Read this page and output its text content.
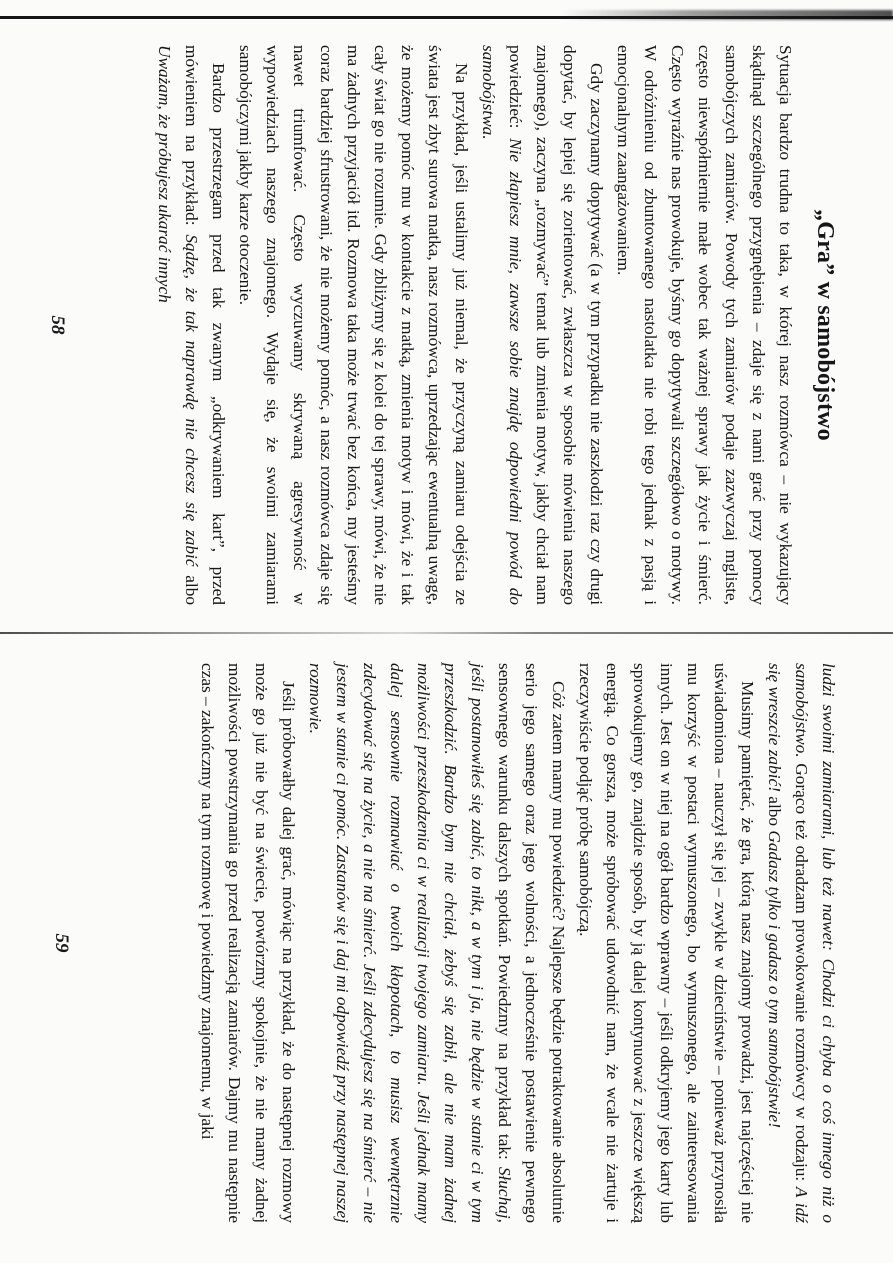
„Gra” w samobójstwo

Sytuacja bardzo trudna to taka, w której nasz rozmówca – nie wykazujący skądinąd szczególnego przygnębienia – zdaje się z nami grać przy pomocy samobójczych zamiarów. Powody tych zamiarów podaje zazwyczaj mgliste, często niewspółmiernie małe wobec tak ważnej sprawy jak życie i śmierć. Często wyraźnie nas prowokuje, byśmy go dopytywali szczegółowo o motywy. W odróżnieniu od zbuntowanego nastolatka nie robi tego jednak z pasją i emocjonalnym zaangażowaniem.

Gdy zaczynamy dopytywać (a w tym przypadku nie zaszkodzi raz czy drugi dopytać, by lepiej się zorientować, zwłaszcza w sposobie mówienia naszego znajomego), zaczyna „rozmywać” temat lub zmienia motyw, jakby chciał nam powiedzieć: Nie złapiesz mnie, zawsze sobie znajdę odpowiedni powód do samobójstwa.

Na przykład, jeśli ustalimy już niemal, że przyczyną zamiaru odejścia ze świata jest zbyt surowa matka, nasz rozmówca, uprzedzając ewentualną uwagę, że możemy pomóc mu w kontakcie z matką, zmienia motyw i mówi, że i tak cały świat go nie rozumie. Gdy zbliżymy się z kolei do tej sprawy, mówi, że nie ma żadnych przyjaciół itd. Rozmowa taka może trwać bez końca, my jesteśmy coraz bardziej sfrustrowani, że nie możemy pomóc, a nasz rozmówca zdaje się nawet triumfować. Często wyczuwamy skrywaną agresywność w wypowiedziach naszego znajomego. Wydaje się, że swoimi zamiarami samobójczymi jakby karze otoczenie.

Bardzo przestrzegam przed tak zwanym „odkrywaniem kart”, przed mówieniem na przykład: Sądzę, że tak naprawdę nie chcesz się zabić albo Uważam, że próbujesz ukarać innych

58

ludzi swoimi zamiarami, lub też nawet: Chodzi ci chyba o coś innego niż o samobójstwo. Gorąco też odradzam prowokowanie rozmówcy w rodzaju: A idź się wreszcie zabić! albo Gadasz tylko i gadasz o tym samobójstwie!

Musimy pamiętać, że gra, którą nasz znajomy prowadzi, jest najczęściej nie uświadomiona – nauczył się jej – zwykle w dzieciństwie – ponieważ przynosiła mu korzyść w postaci wymuszonego, bo wymuszonego, ale zainteresowania innych. Jest on w niej na ogół bardzo wprawny – jeśli odkryjemy jego karty lub sprowokujemy go, znajdzie sposób, by ją dalej kontynuować z jeszcze większą energią. Co gorsza, może spróbować udowodnić nam, że wcale nie żartuje i rzeczywiście podjąć próbę samobójczą.

Cóż zatem mamy mu powiedzieć? Najlepsze będzie potraktowanie absolutnie serio jego samego oraz jego wolności, a jednocześnie postawienie pewnego sensownego warunku dalszych spotkań. Powiedzmy na przykład tak: Słuchaj, jeśli postanowiłeś się zabić, to nikt, a w tym i ja, nie będzie w stanie ci w tym przeszkodzić. Bardzo bym nie chciał, żebyś się zabił, ale nie mam żadnej możliwości przeszkodzenia ci w realizacji twojego zamiaru. Jeśli jednak mamy dalej sensownie rozmawiać o twoich kłopotach, to musisz wewnętrznie zdecydować się na życie, a nie na śmierć. Jeśli zdecydujesz się na śmierć – nie jestem w stanie ci pomóc. Zastanów się i daj mi odpowiedź przy następnej naszej rozmowie.

Jeśli próbowałby dalej grać, mówiąc na przykład, że do następnej rozmowy może go już nie być na świecie, powtórzmy spokojnie, że nie mamy żadnej możliwości powstrzymania go przed realizacją zamiarów. Dajmy mu następnie czas – zakończmy na tym rozmowę i powiedzmy znajomemu, w jaki

59
